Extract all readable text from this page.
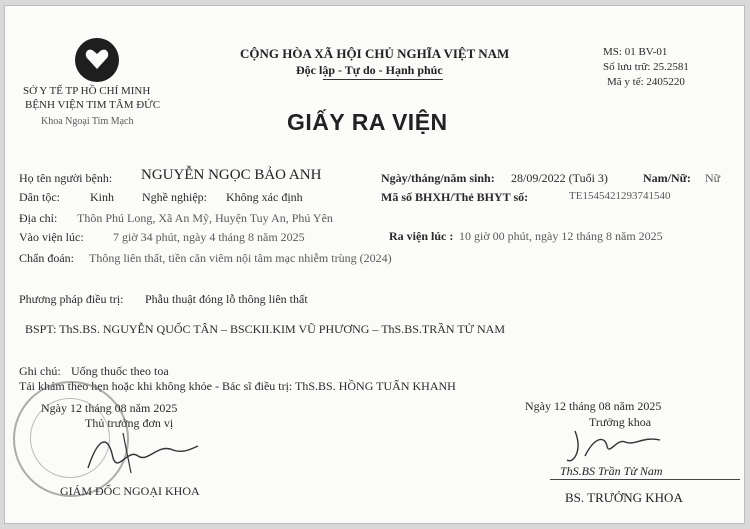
SỞ Y TẾ TP HỒ CHÍ MINH
BỆNH VIỆN TIM TÂM ĐỨC
Khoa Ngoại Tim Mạch
CỘNG HÒA XÃ HỘI CHỦ NGHĨA VIỆT NAM
Độc lập - Tự do - Hạnh phúc
MS: 01 BV-01
Số lưu trữ: 25.2581
Mã y tế: 2405220
GIẤY RA VIỆN
Họ tên người bệnh: NGUYỄN NGỌC BẢO ANH	Ngày/tháng/năm sinh: 28/09/2022 (Tuổi 3)	Nam/Nữ: Nữ
Dân tộc:	Kinh Nghề nghiệp: Không xác định	Mã số BHXH/Thẻ BHYT số:	TE1545421293741540
Địa chỉ: Thôn Phú Long, Xã An Mỹ, Huyện Tuy An, Phú Yên
Vào viện lúc: 7 giờ 34 phút, ngày 4 tháng 8 năm 2025	Ra viện lúc : 10 giờ 00 phút, ngày 12 tháng 8 năm 2025
Chẩn đoán: Thông liên thất, tiền căn viêm nội tâm mạc nhiễm trùng (2024)
Phương pháp điều trị: Phẫu thuật đóng lỗ thông liên thất
BSPT: ThS.BS. NGUYỄN QUỐC TÂN – BSCKII.KIM VŨ PHƯƠNG – ThS.BS.TRẦN TỬ NAM
Ghi chú: Uống thuốc theo toa
Tái khám theo hẹn hoặc khi không khỏe - Bác sĩ điều trị: ThS.BS. HỒNG TUẤN KHANH
Ngày 12 tháng 08 năm 2025
Thủ trưởng đơn vị
GIÁM ĐỐC NGOẠI KHOA
Ngày 12 tháng 08 năm 2025
Trưởng khoa
ThS.BS Trần Tử Nam
BS. TRƯỞNG KHOA
